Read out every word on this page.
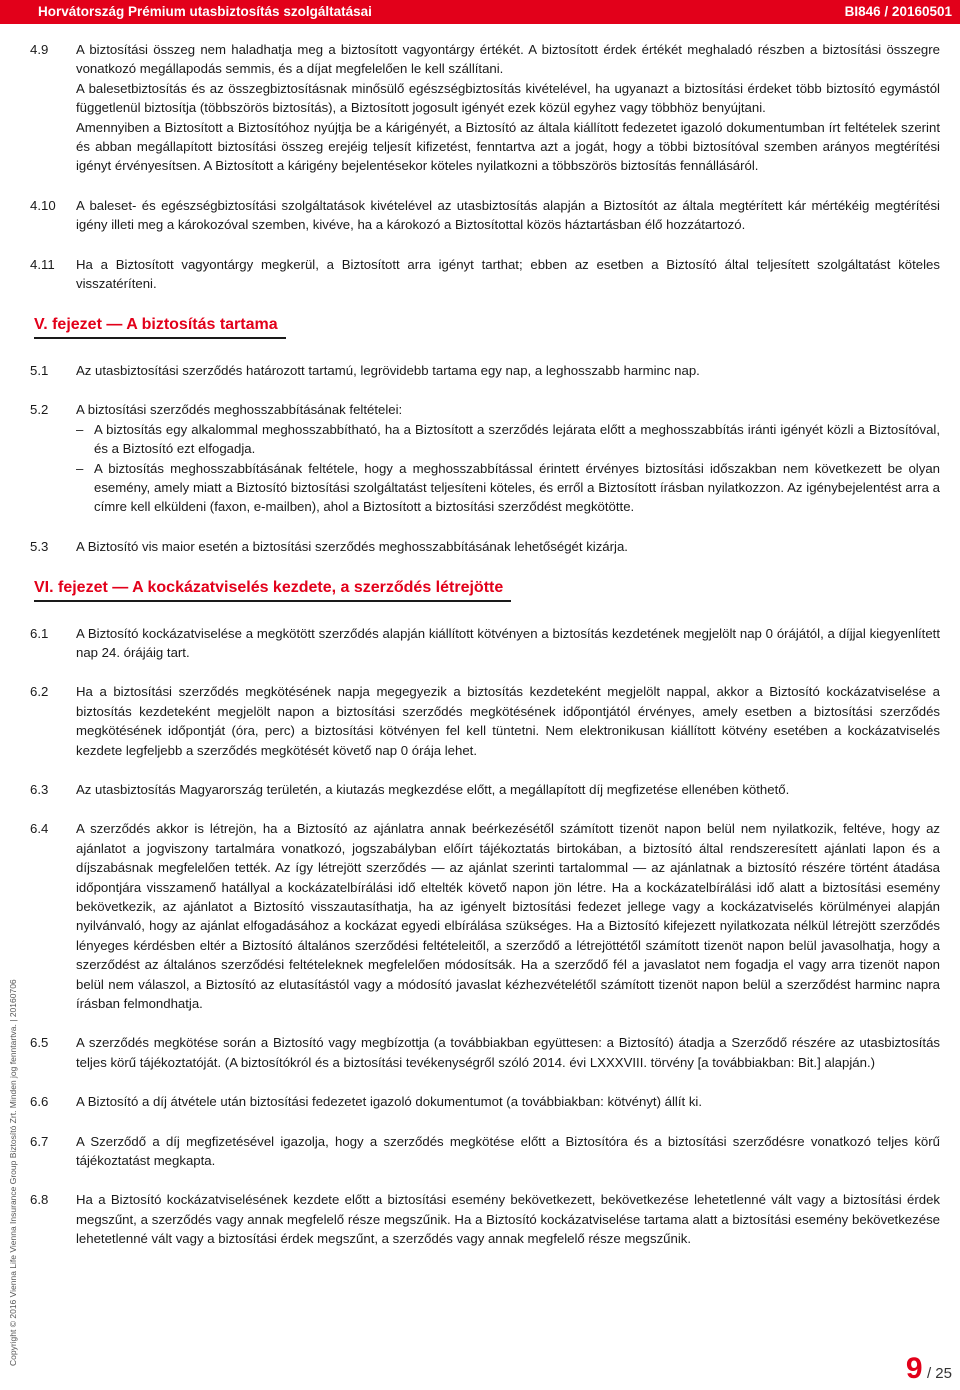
Horvátország Prémium utasbiztosítás szolgáltatásai	BI846 / 20160501
Copyright © 2016 Vienna Life Vienna Insurance Group Biztosító Zrt. Minden jog fenntartva. | 20160706
4.9	A biztosítási összeg nem haladhatja meg a biztosított vagyontárgy értékét. A biztosított érdek értékét meghaladó részben a biztosítási összegre vonatkozó megállapodás semmis, és a díjat megfelelően le kell szállítani.

A balesetbiztosítás és az összegbiztosításnak minősülő egészségbiztosítás kivételével, ha ugyanazt a biztosítási érdeket több biztosító egymástól függetlenül biztosítja (többszörös biztosítás), a Biztosított jogosult igényét ezek közül egyhez vagy többhöz benyújtani.

Amennyiben a Biztosított a Biztosítóhoz nyújtja be a kárigényét, a Biztosító az általa kiállított fedezetet igazoló dokumentumban írt feltételek szerint és abban megállapított biztosítási összeg erejéig teljesít kifizetést, fenntartva azt a jogát, hogy a többi biztosítóval szemben arányos megtérítési igényt érvényesítsen. A Biztosított a kárigény bejelentésekor köteles nyilatkozni a többszörös biztosítás fennállásáról.

4.10	A baleset- és egészségbiztosítási szolgáltatások kivételével az utasbiztosítás alapján a Biztosítót az általa megtérített kár mértékéig megtérítési igény illeti meg a károkozóval szemben, kivéve, ha a károkozó a Biztosítottal közös háztartásban élő hozzátartozó.

4.11	Ha a Biztosított vagyontárgy megkerül, a Biztosított arra igényt tarthat; ebben az esetben a Biztosító által teljesített szolgáltatást köteles visszatéríteni.

V. fejezet — A biztosítás tartama
5.1	Az utasbiztosítási szerződés határozott tartamú, legrövidebb tartama egy nap, a leghosszabb harminc nap.

5.2	A biztosítási szerződés meghosszabbításának feltételei:

– A biztosítás egy alkalommal meghosszabbítható, ha a Biztosított a szerződés lejárata előtt a meghosszabbítás iránti igényét közli a Biztosítóval, és a Biztosító ezt elfogadja.

– A biztosítás meghosszabbításának feltétele, hogy a meghosszabbítással érintett érvényes biztosítási időszakban nem következett be olyan esemény, amely miatt a Biztosító biztosítási szolgáltatást teljesíteni köteles, és erről a Biztosított írásban nyilatkozzon. Az igénybejelentést arra a címre kell elküldeni (faxon, e-mailben), ahol a Biztosított a biztosítási szerződést megkötötte.

5.3	A Biztosító vis maior esetén a biztosítási szerződés meghosszabbításának lehetőségét kizárja.

VI. fejezet — A kockázatviselés kezdete, a szerződés létrejötte
6.1	A Biztosító kockázatviselése a megkötött szerződés alapján kiállított kötvényen a biztosítás kezdetének megjelölt nap 0 órájától, a díjjal kiegyenlített nap 24. órájáig tart.

6.2	Ha a biztosítási szerződés megkötésének napja megegyezik a biztosítás kezdeteként megjelölt nappal, akkor a Biztosító kockázatviselése a biztosítás kezdeteként megjelölt napon a biztosítási szerződés megkötésének időpontjától érvényes, amely esetben a biztosítási szerződés megkötésének időpontját (óra, perc) a biztosítási kötvényen fel kell tüntetni. Nem elektronikusan kiállított kötvény esetében a kockázatviselés kezdete legfeljebb a szerződés megkötését követő nap 0 órája lehet.

6.3	Az utasbiztosítás Magyarország területén, a kiutazás megkezdése előtt, a megállapított díj megfizetése ellenében köthető.

6.4	A szerződés akkor is létrejön, ha a Biztosító az ajánlatra annak beérkezésétől számított tizenöt napon belül nem nyilatkozik, feltéve, hogy az ajánlatot a jogviszony tartalmára vonatkozó, jogszabályban előírt tájékoztatás birtokában, a biztosító által rendszeresített ajánlati lapon és a díjszabásnak megfelelően tették. Az így létrejött szerződés — az ajánlat szerinti tartalommal — az ajánlatnak a biztosító részére történt átadása időpontjára visszamenő hatállyal a kockázatelbírálási idő eltelték követő napon jön létre. Ha a kockázatelbírálási idő alatt a biztosítási esemény bekövetkezik, az ajánlatot a Biztosító visszautasíthatja, ha az igényelt biztosítási fedezet jellege vagy a kockázatviselés körülményei alapján nyilvánvaló, hogy az ajánlat elfogadásához a kockázat egyedi elbírálása szükséges. Ha a Biztosító kifejezett nyilatkozata nélkül létrejött szerződés lényeges kérdésben eltér a Biztosító általános szerződési feltételeitől, a szerződő a létrejöttétől számított tizenöt napon belül javasolhatja, hogy a szerződést az általános szerződési feltételeknek megfelelően módosítsák. Ha a szerződő fél a javaslatot nem fogadja el vagy arra tizenöt napon belül nem válaszol, a Biztosító az elutasítástól vagy a módosító javaslat kézhezvételétől számított tizenöt napon belül a szerződést harminc napra írásban felmondhatja.

6.5	A szerződés megkötése során a Biztosító vagy megbízottja (a továbbiakban együttesen: a Biztosító) átadja a Szerződő részére az utasbiztosítás teljes körű tájékoztatóját. (A biztosítókról és a biztosítási tevékenységről szóló 2014. évi LXXXVIII. törvény [a továbbiakban: Bit.] alapján.)

6.6	A Biztosító a díj átvétele után biztosítási fedezetet igazoló dokumentumot (a továbbiakban: kötvényt) állít ki.

6.7	A Szerződő a díj megfizetésével igazolja, hogy a szerződés megkötése előtt a Biztosítóra és a biztosítási szerződésre vonatkozó teljes körű tájékoztatást megkapta.

6.8	Ha a Biztosító kockázatviselésének kezdete előtt a biztosítási esemény bekövetkezett, bekövetkezése lehetetlenné vált vagy a biztosítási érdek megszűnt, a szerződés vagy annak megfelelő része megszűnik. Ha a Biztosító kockázatviselése tartama alatt a biztosítási esemény bekövetkezése lehetetlenné vált vagy a biztosítási érdek megszűnt, a szerződés vagy annak megfelelő része megszűnik.

9 / 25
